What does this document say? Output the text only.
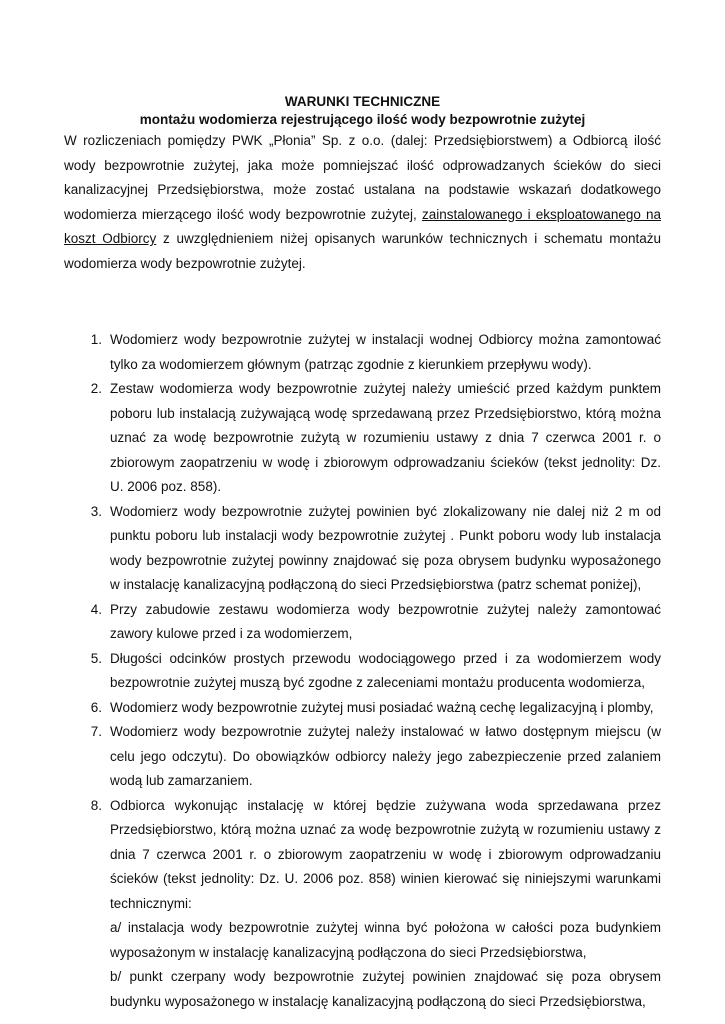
WARUNKI TECHNICZNE

montażu wodomierza rejestrującego ilość wody bezpowrotnie zużytej

W rozliczeniach pomiędzy PWK „Płonia” Sp. z o.o. (dalej: Przedsiębiorstwem) a Odbiorcą ilość wody bezpowrotnie zużytej, jaka może pomniejszać ilość odprowadzanych ścieków do sieci kanalizacyjnej Przedsiębiorstwa, może zostać ustalana na podstawie wskazań dodatkowego wodomierza mierzącego ilość wody bezpowrotnie zużytej, zainstalowanego i eksploatowanego na koszt Odbiorcy z uwzględnieniem niżej opisanych warunków technicznych i schematu montażu wodomierza wody bezpowrotnie zużytej.

1. Wodomierz wody bezpowrotnie zużytej w instalacji wodnej Odbiorcy można zamontować tylko za wodomierzem głównym (patrząc zgodnie z kierunkiem przepływu wody).
2. Zestaw wodomierza wody bezpowrotnie zużytej należy umieścić przed każdym punktem poboru lub instalacją zużywającą wodę sprzedawaną przez Przedsiębiorstwo, którą można uznać za wodę bezpowrotnie zużytą w rozumieniu ustawy z dnia 7 czerwca 2001 r. o zbiorowym zaopatrzeniu w wodę i zbiorowym odprowadzaniu ścieków (tekst jednolity: Dz. U. 2006 poz. 858).
3. Wodomierz wody bezpowrotnie zużytej powinien być zlokalizowany nie dalej niż 2 m od punktu poboru lub instalacji wody bezpowrotnie zużytej . Punkt poboru wody lub instalacja wody bezpowrotnie zużytej powinny znajdować się poza obrysem budynku wyposażonego w instalację kanalizacyjną podłączoną do sieci Przedsiębiorstwa (patrz schemat poniżej),
4. Przy zabudowie zestawu wodomierza wody bezpowrotnie zużytej należy zamontować zawory kulowe przed i za wodomierzem,
5. Długości odcinków prostych przewodu wodociągowego przed i za wodomierzem wody bezpowrotnie zużytej muszą być zgodne z zaleceniami montażu producenta wodomierza,
6. Wodomierz wody bezpowrotnie zużytej musi posiadać ważną cechę legalizacyjną i plomby,
7. Wodomierz wody bezpowrotnie zużytej należy instalować w łatwo dostępnym miejscu (w celu jego odczytu). Do obowiązków odbiorcy należy jego zabezpieczenie przed zalaniem wodą lub zamarzaniem.
8. Odbiorca wykonując instalację w której będzie zużywana woda sprzedawana przez Przedsiębiorstwo, którą można uznać za wodę bezpowrotnie zużytą w rozumieniu ustawy z dnia 7 czerwca 2001 r. o zbiorowym zaopatrzeniu w wodę i zbiorowym odprowadzaniu ścieków (tekst jednolity: Dz. U. 2006 poz. 858) winien kierować się niniejszymi warunkami technicznymi:
a/ instalacja wody bezpowrotnie zużytej winna być położona w całości poza budynkiem wyposażonym w instalację kanalizacyjną podłączona do sieci Przedsiębiorstwa,
b/ punkt czerpany wody bezpowrotnie zużytej powinien znajdować się poza obrysem budynku wyposażonego w instalację kanalizacyjną podłączoną do sieci Przedsiębiorstwa,
